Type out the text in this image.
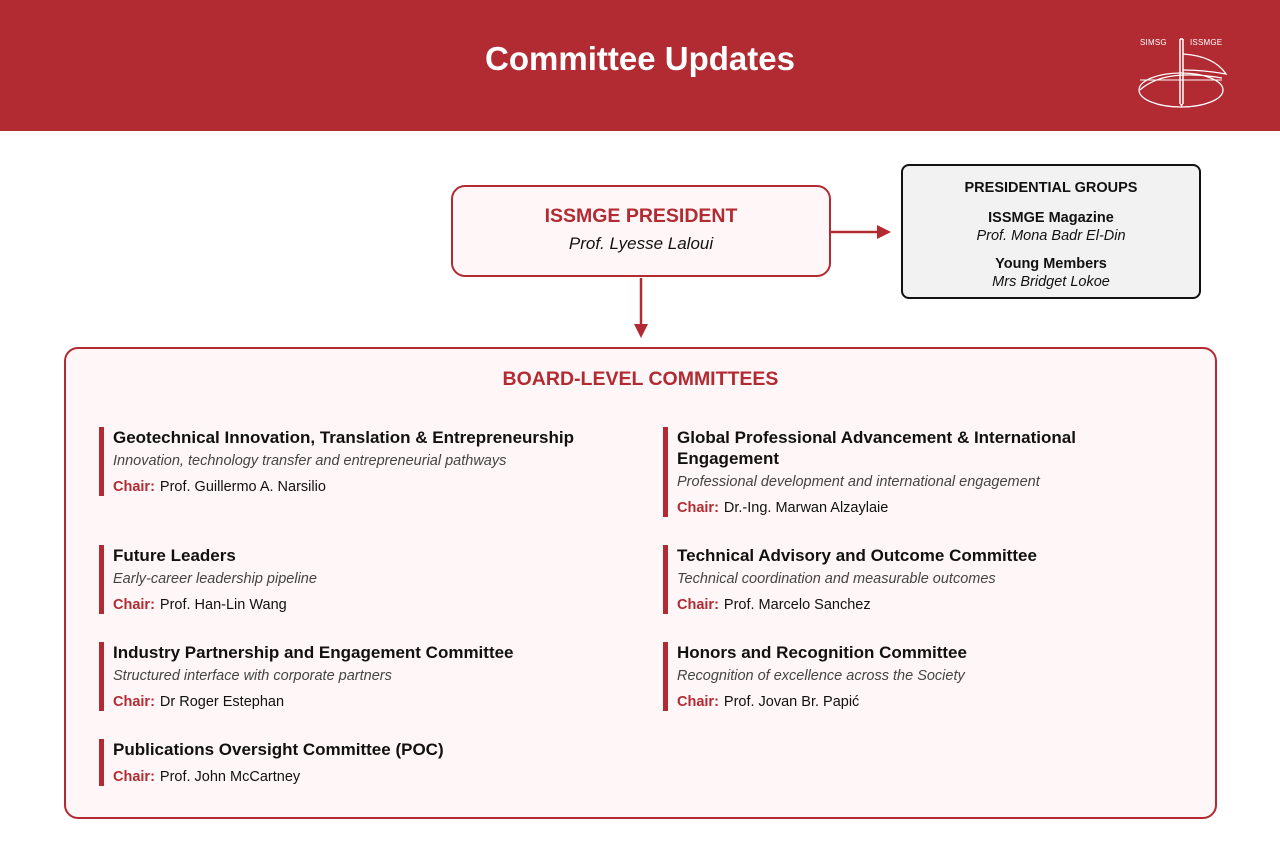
Committee Updates	SIMSG	ISSMGE
ISSMGE PRESIDENT
Prof. Lyesse Laloui
PRESIDENTIAL GROUPS
ISSMGE Magazine
Prof. Mona Badr El-Din
Young Members
Mrs Bridget Lokoe
BOARD-LEVEL COMMITTEES
Geotechnical Innovation, Translation & Entrepreneurship
Innovation, technology transfer and entrepreneurial pathways
Chair: Prof. Guillermo A. Narsilio
Global Professional Advancement & International Engagement
Professional development and international engagement
Chair: Dr.-Ing. Marwan Alzaylaie
Future Leaders
Early-career leadership pipeline
Chair: Prof. Han-Lin Wang
Technical Advisory and Outcome Committee
Technical coordination and measurable outcomes
Chair: Prof. Marcelo Sanchez
Industry Partnership and Engagement Committee
Structured interface with corporate partners
Chair: Dr Roger Estephan
Honors and Recognition Committee
Recognition of excellence across the Society
Chair: Prof. Jovan Br. Papić
Publications Oversight Committee (POC)
Chair: Prof. John McCartney
